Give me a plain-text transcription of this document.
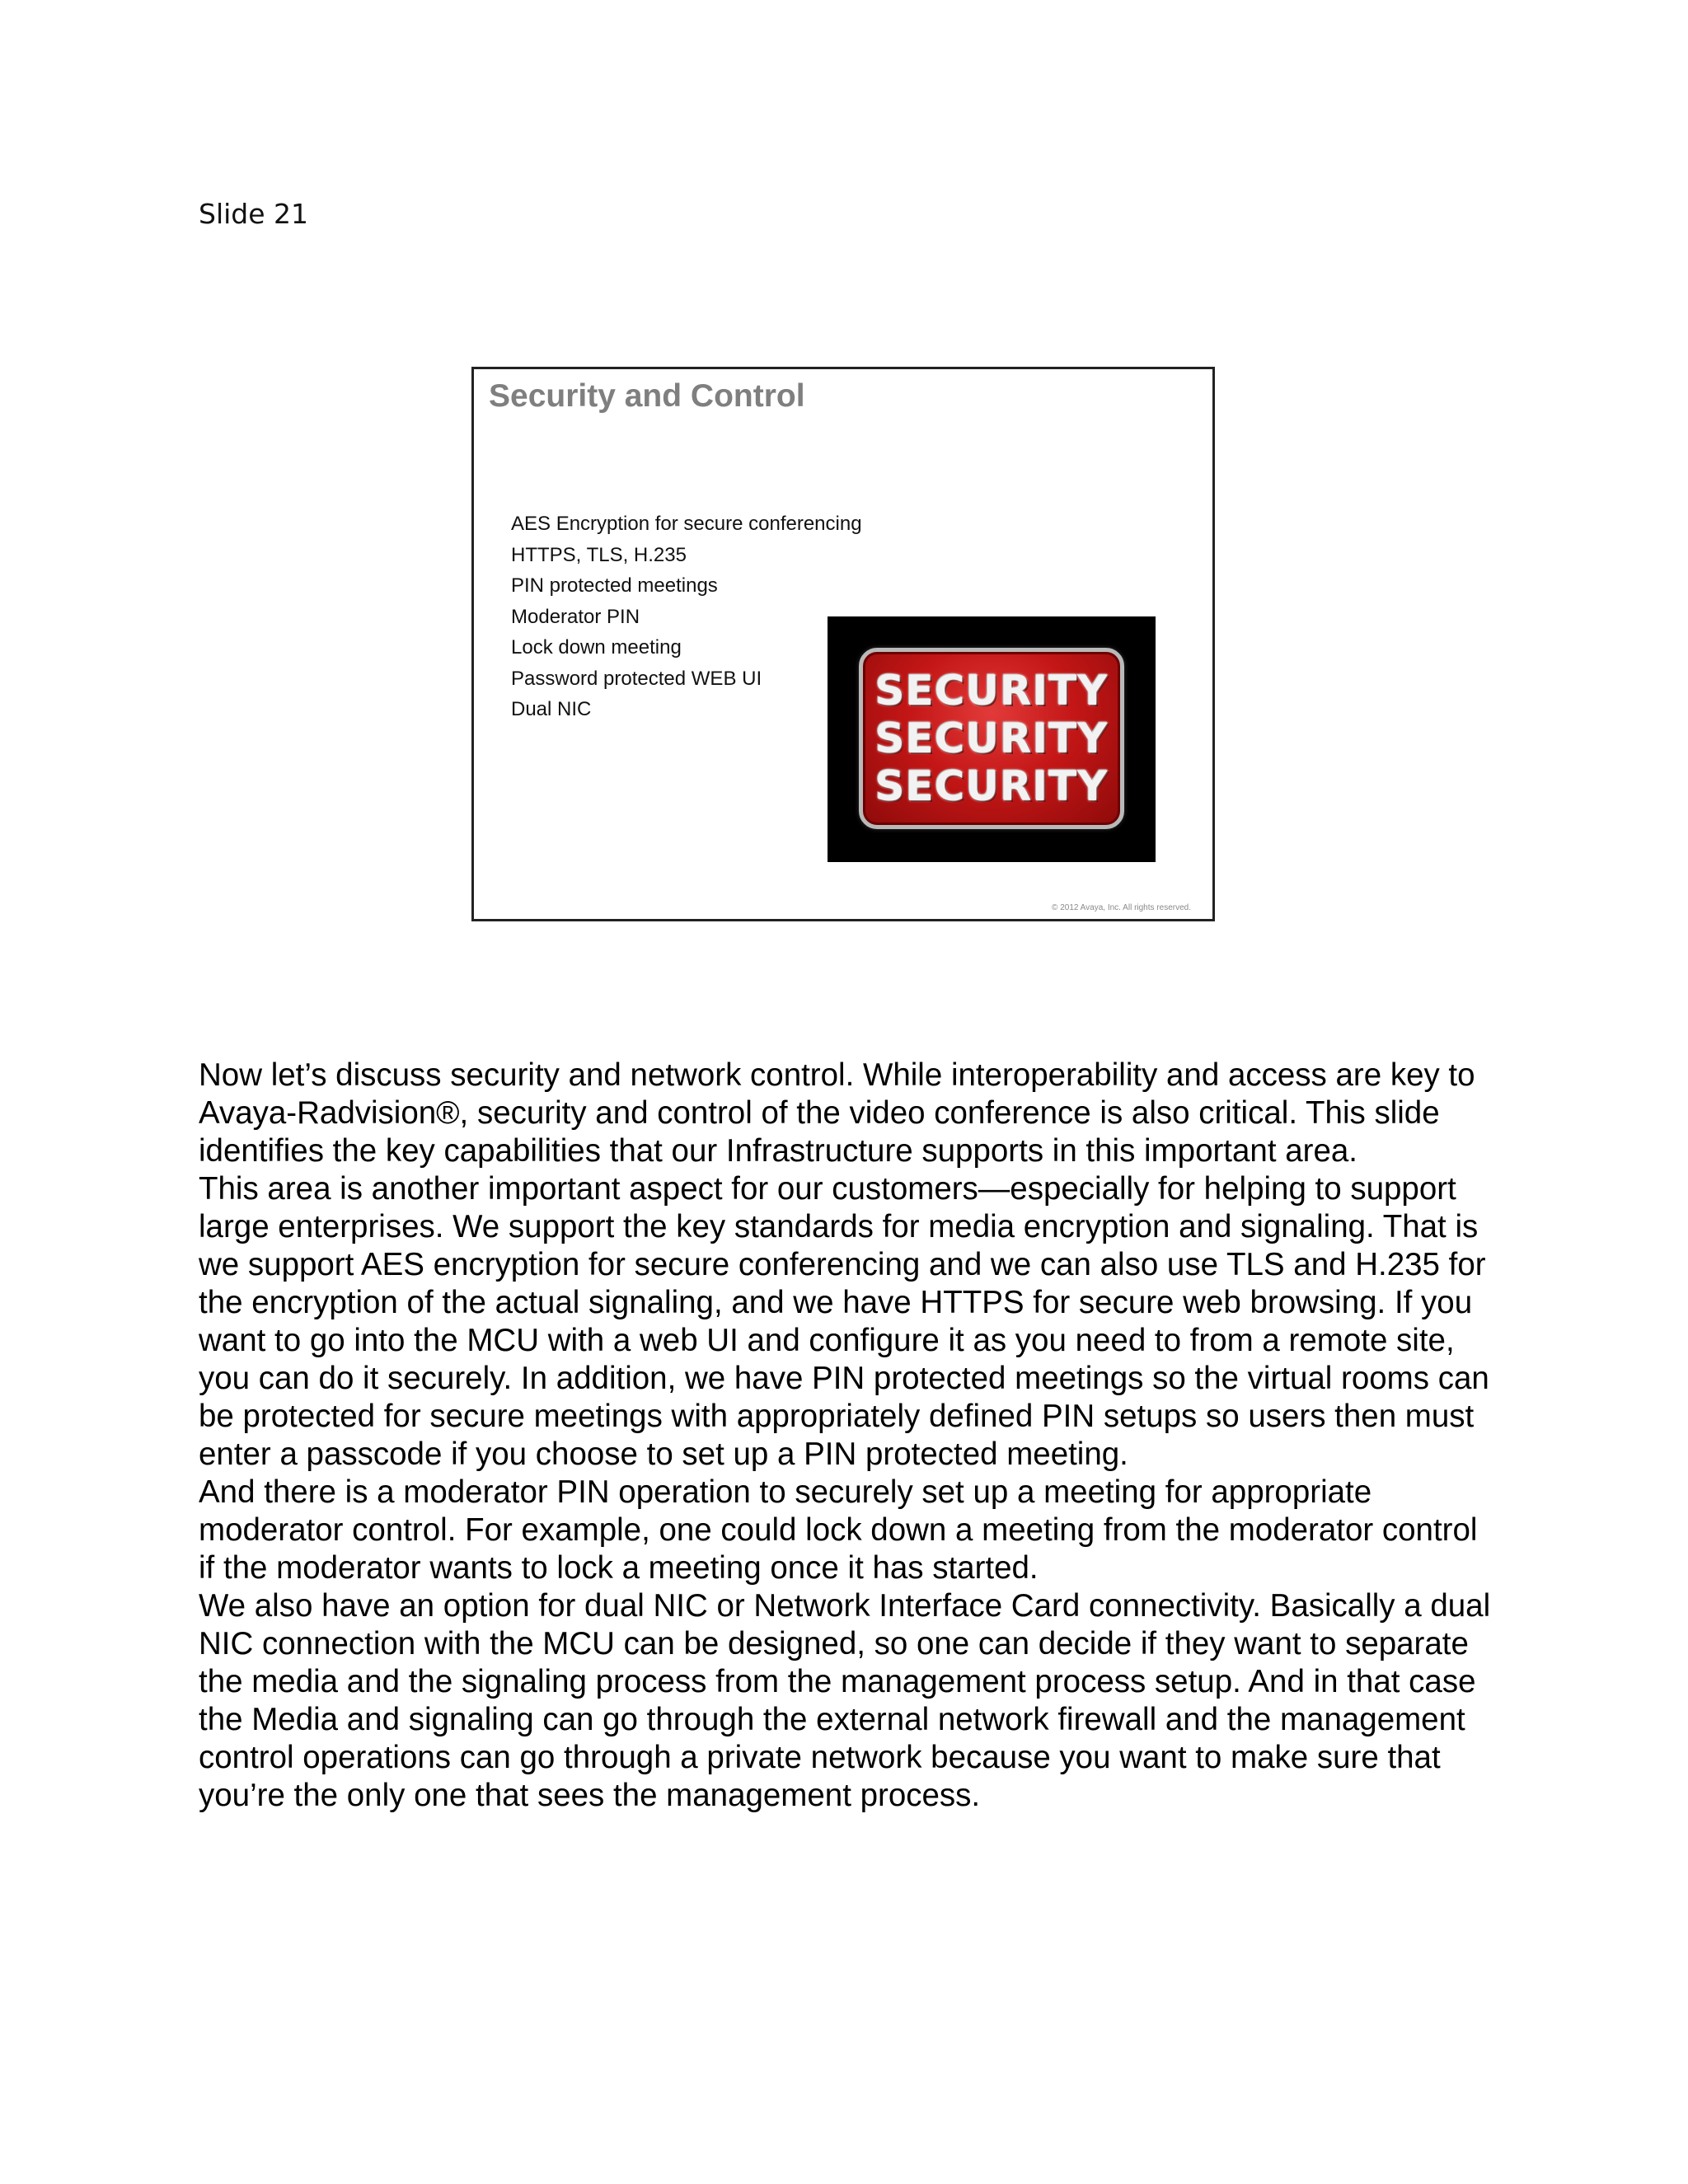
Slide 21

Security and Control
AES Encryption for secure conferencing
HTTPS, TLS, H.235
PIN protected meetings
Moderator PIN
Lock down meeting
Password protected WEB UI
Dual NIC	SECURITY
SECURITY
SECURITY

© 2012 Avaya, Inc. All rights reserved.

Now let’s discuss security and network control. While interoperability and access are key to Avaya-Radvision®, security and control of the video conference is also critical. This slide identifies the key capabilities that our Infrastructure supports in this important area.

This area is another important aspect for our customers—especially for helping to support large enterprises. We support the key standards for media encryption and signaling. That is we support AES encryption for secure conferencing and we can also use TLS and H.235 for the encryption of the actual signaling, and we have HTTPS for secure web browsing. If you want to go into the MCU with a web UI and configure it as you need to from a remote site, you can do it securely. In addition, we have PIN protected meetings so the virtual rooms can be protected for secure meetings with appropriately defined PIN setups so users then must enter a passcode if you choose to set up a PIN protected meeting.

And there is a moderator PIN operation to securely set up a meeting for appropriate moderator control. For example, one could lock down a meeting from the moderator control if the moderator wants to lock a meeting once it has started.

We also have an option for dual NIC or Network Interface Card connectivity. Basically a dual NIC connection with the MCU can be designed, so one can decide if they want to separate the media and the signaling process from the management process setup. And in that case the Media and signaling can go through the external network firewall and the management control operations can go through a private network because you want to make sure that you’re the only one that sees the management process.
